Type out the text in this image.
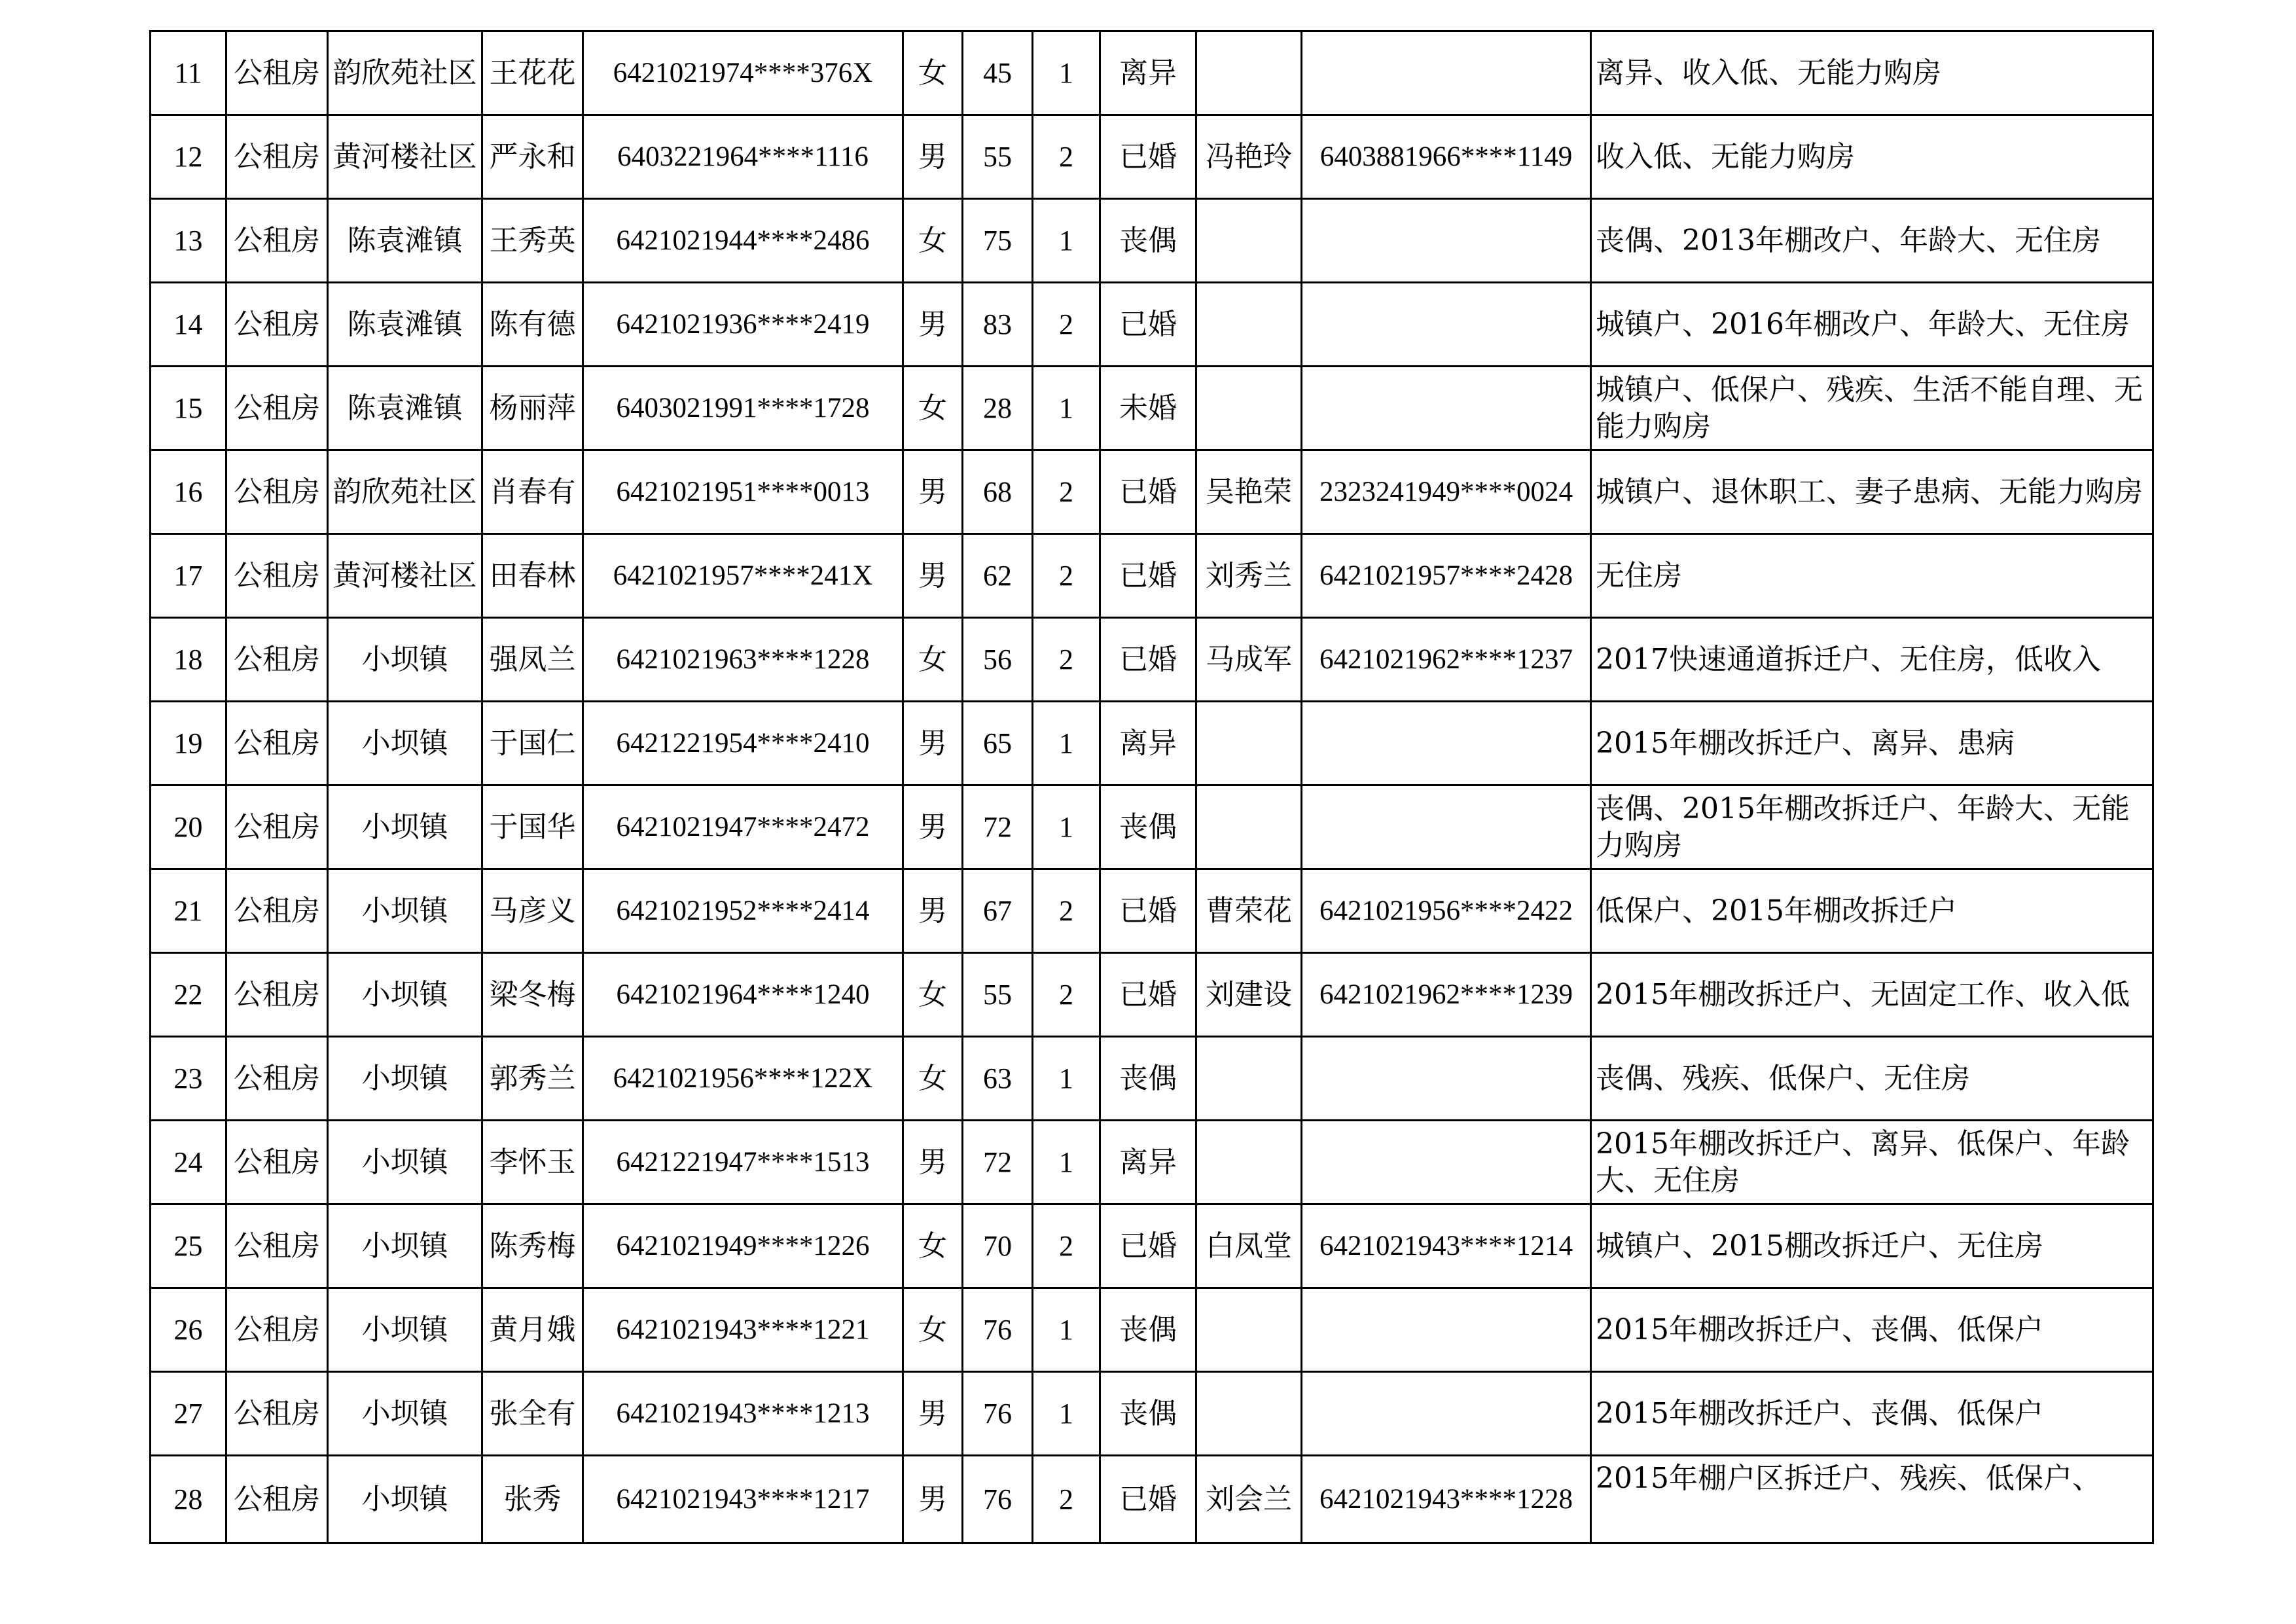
11	公租房	韵欣苑社区	王花花	6421021974****376X	女	45	1	离异			离异、收入低、无能力购房
12	公租房	黄河楼社区	严永和	6403221964****1116	男	55	2	已婚	冯艳玲	6403881966****1149	收入低、无能力购房
13	公租房	陈袁滩镇	王秀英	6421021944****2486	女	75	1	丧偶			丧偶、2013年棚改户、年龄大、无住房
14	公租房	陈袁滩镇	陈有德	6421021936****2419	男	83	2	已婚			城镇户、2016年棚改户、年龄大、无住房
15	公租房	陈袁滩镇	杨丽萍	6403021991****1728	女	28	1	未婚			城镇户、低保户、残疾、生活不能自理、无能力购房
16	公租房	韵欣苑社区	肖春有	6421021951****0013	男	68	2	已婚	吴艳荣	2323241949****0024	城镇户、退休职工、妻子患病、无能力购房
17	公租房	黄河楼社区	田春林	6421021957****241X	男	62	2	已婚	刘秀兰	6421021957****2428	无住房
18	公租房	小坝镇	强凤兰	6421021963****1228	女	56	2	已婚	马成军	6421021962****1237	2017快速通道拆迁户、无住房，低收入
19	公租房	小坝镇	于国仁	6421221954****2410	男	65	1	离异			2015年棚改拆迁户、离异、患病
20	公租房	小坝镇	于国华	6421021947****2472	男	72	1	丧偶			丧偶、2015年棚改拆迁户、年龄大、无能力购房
21	公租房	小坝镇	马彦义	6421021952****2414	男	67	2	已婚	曹荣花	6421021956****2422	低保户、2015年棚改拆迁户
22	公租房	小坝镇	梁冬梅	6421021964****1240	女	55	2	已婚	刘建设	6421021962****1239	2015年棚改拆迁户、无固定工作、收入低
23	公租房	小坝镇	郭秀兰	6421021956****122X	女	63	1	丧偶			丧偶、残疾、低保户、无住房
24	公租房	小坝镇	李怀玉	6421221947****1513	男	72	1	离异			2015年棚改拆迁户、离异、低保户、年龄大、无住房
25	公租房	小坝镇	陈秀梅	6421021949****1226	女	70	2	已婚	白凤堂	6421021943****1214	城镇户、2015棚改拆迁户、无住房
26	公租房	小坝镇	黄月娥	6421021943****1221	女	76	1	丧偶			2015年棚改拆迁户、丧偶、低保户
27	公租房	小坝镇	张全有	6421021943****1213	男	76	1	丧偶			2015年棚改拆迁户、丧偶、低保户
28	公租房	小坝镇	张秀	6421021943****1217	男	76	2	已婚	刘会兰	6421021943****1228	2015年棚户区拆迁户、残疾、低保户、
